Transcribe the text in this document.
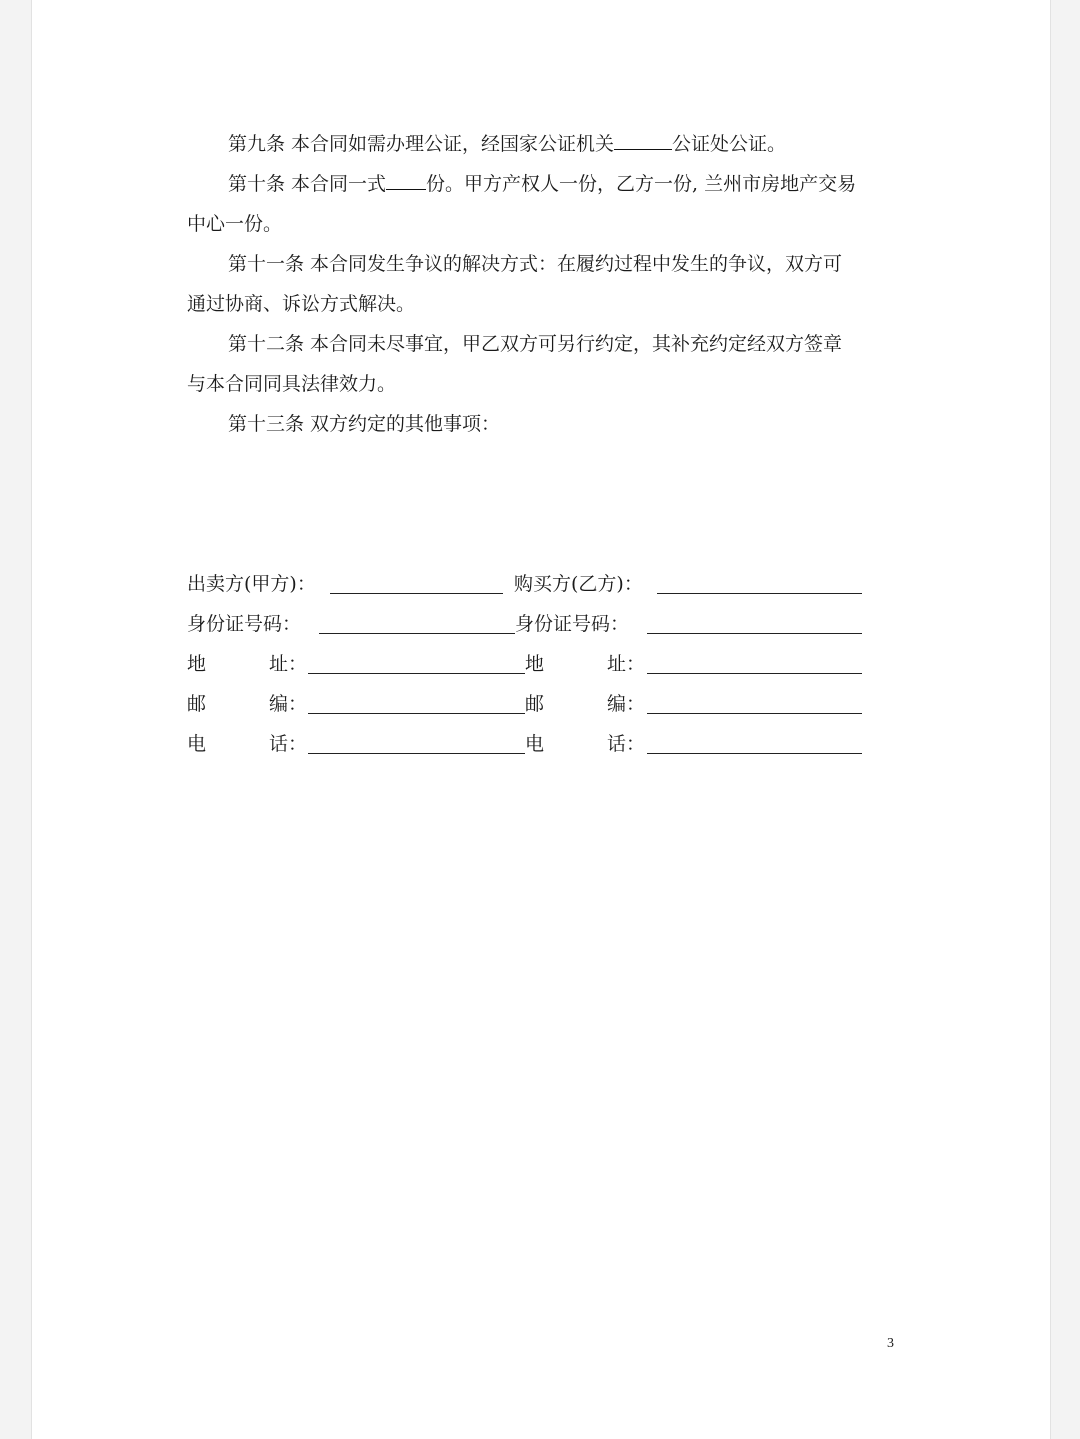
第九条 本合同如需办理公证，经国家公证机关	公证处公证。
第十条 本合同一式 份。甲方产权人一份，乙方一份, 兰州市房地产交易
中心一份。
第十一条 本合同发生争议的解决方式：在履约过程中发生的争议，双方可
通过协商、诉讼方式解决。
第十二条 本合同未尽事宜，甲乙双方可另行约定，其补充约定经双方签章
与本合同同具法律效力。
第十三条 双方约定的其他事项：
出卖方(甲方)：	购买方(乙方)：
身份证号码：	身份证号码：
地	址：	地	址：
邮	编：	邮	编：
电	话：	电	话：
3
